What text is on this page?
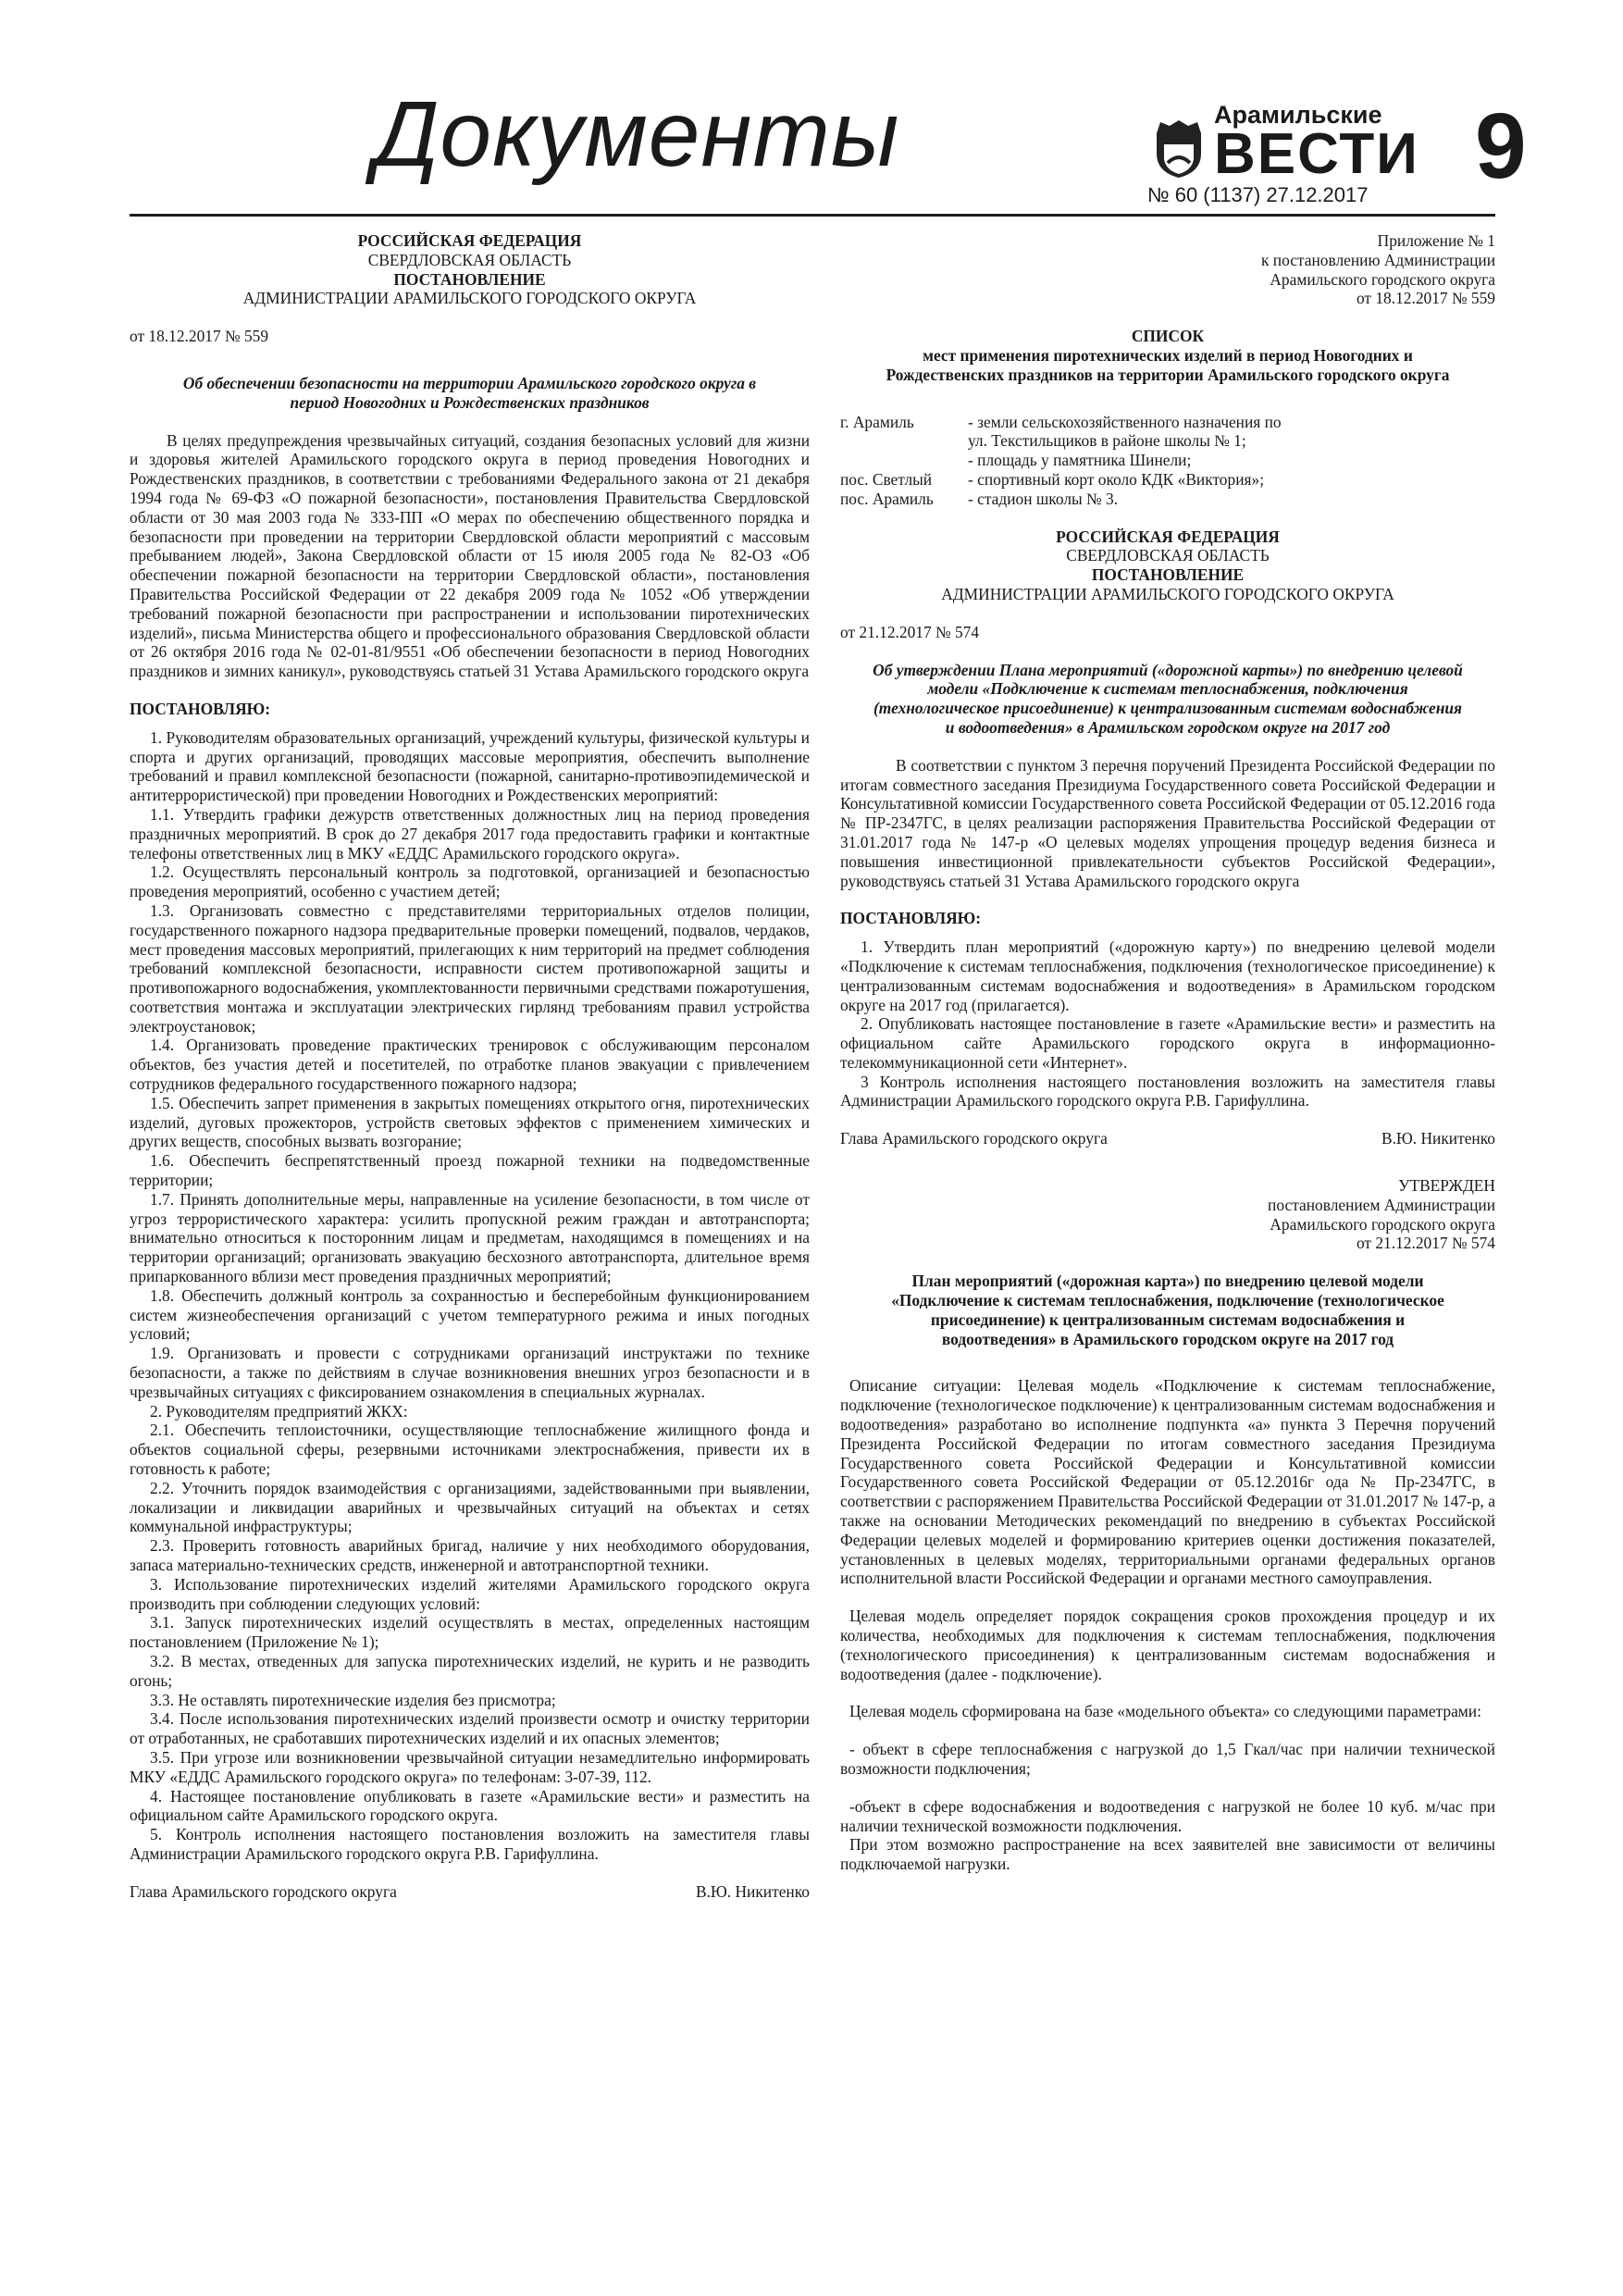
Документы	Арамильские
ВЕСТИ
№ 60 (1137) 27.12.2017 9

РОССИЙСКАЯ ФЕДЕРАЦИЯ

СВЕРДЛОВСКАЯ ОБЛАСТЬ

ПОСТАНОВЛЕНИЕ

АДМИНИСТРАЦИИ АРАМИЛЬСКОГО ГОРОДСКОГО ОКРУГА

от 18.12.2017 № 559

Об обеспечении безопасности на территории Арамильского городского округа в период Новогодних и Рождественских праздников

В целях предупреждения чрезвычайных ситуаций, создания безопасных условий для жизни и здоровья жителей Арамильского городского округа в период проведения Новогодних и Рождественских праздников, в соответствии с требованиями Федерального закона от 21 декабря 1994 года № 69-ФЗ «О пожарной безопасности», постановления Правительства Свердловской области от 30 мая 2003 года № 333-ПП «О мерах по обеспечению общественного порядка и безопасности при проведении на территории Свердловской области мероприятий с массовым пребыванием людей», Закона Свердловской области от 15 июля 2005 года № 82-ОЗ «Об обеспечении пожарной безопасности на территории Свердловской области», постановления Правительства Российской Федерации от 22 декабря 2009 года № 1052 «Об утверждении требований пожарной безопасности при распространении и использовании пиротехнических изделий», письма Министерства общего и профессионального образования Свердловской области от 26 октября 2016 года № 02-01-81/9551 «Об обеспечении безопасности в период Новогодних праздников и зимних каникул», руководствуясь статьей 31 Устава Арамильского городского округа

ПОСТАНОВЛЯЮ:

1. Руководителям образовательных организаций, учреждений культуры, физической культуры и спорта и других организаций, проводящих массовые мероприятия, обеспечить выполнение требований и правил комплексной безопасности (пожарной, санитарно-противоэпидемической и антитеррористической) при проведении Новогодних и Рождественских мероприятий:

1.1. Утвердить графики дежурств ответственных должностных лиц на период проведения праздничных мероприятий. В срок до 27 декабря 2017 года предоставить графики и контактные телефоны ответственных лиц в МКУ «ЕДДС Арамильского городского округа».

1.2. Осуществлять персональный контроль за подготовкой, организацией и безопасностью проведения мероприятий, особенно с участием детей;

1.3. Организовать совместно с представителями территориальных отделов полиции, государственного пожарного надзора предварительные проверки помещений, подвалов, чердаков, мест проведения массовых мероприятий, прилегающих к ним территорий на предмет соблюдения требований комплексной безопасности, исправности систем противопожарной защиты и противопожарного водоснабжения, укомплектованности первичными средствами пожаротушения, соответствия монтажа и эксплуатации электрических гирлянд требованиям правил устройства электроустановок;

1.4. Организовать проведение практических тренировок с обслуживающим персоналом объектов, без участия детей и посетителей, по отработке планов эвакуации с привлечением сотрудников федерального государственного пожарного надзора;

1.5. Обеспечить запрет применения в закрытых помещениях открытого огня, пиротехнических изделий, дуговых прожекторов, устройств световых эффектов с применением химических и других веществ, способных вызвать возгорание;

1.6. Обеспечить беспрепятственный проезд пожарной техники на подведомственные территории;

1.7. Принять дополнительные меры, направленные на усиление безопасности, в том числе от угроз террористического характера: усилить пропускной режим граждан и автотранспорта; внимательно относиться к посторонним лицам и предметам, находящимся в помещениях и на территории организаций; организовать эвакуацию бесхозного автотранспорта, длительное время припаркованного вблизи мест проведения праздничных мероприятий;

1.8. Обеспечить должный контроль за сохранностью и бесперебойным функционированием систем жизнеобеспечения организаций с учетом температурного режима и иных погодных условий;

1.9. Организовать и провести с сотрудниками организаций инструктажи по технике безопасности, а также по действиям в случае возникновения внешних угроз безопасности и в чрезвычайных ситуациях с фиксированием ознакомления в специальных журналах.

2. Руководителям предприятий ЖКХ:

2.1. Обеспечить теплоисточники, осуществляющие теплоснабжение жилищного фонда и объектов социальной сферы, резервными источниками электроснабжения, привести их в готовность к работе;

2.2. Уточнить порядок взаимодействия с организациями, задействованными при выявлении, локализации и ликвидации аварийных и чрезвычайных ситуаций на объектах и сетях коммунальной инфраструктуры;

2.3. Проверить готовность аварийных бригад, наличие у них необходимого оборудования, запаса материально-технических средств, инженерной и автотранспортной техники.

3. Использование пиротехнических изделий жителями Арамильского городского округа производить при соблюдении следующих условий:

3.1. Запуск пиротехнических изделий осуществлять в местах, определенных настоящим постановлением (Приложение № 1);

3.2. В местах, отведенных для запуска пиротехнических изделий, не курить и не разводить огонь;

3.3. Не оставлять пиротехнические изделия без присмотра;

3.4. После использования пиротехнических изделий произвести осмотр и очистку территории от отработанных, не сработавших пиротехнических изделий и их опасных элементов;

3.5. При угрозе или возникновении чрезвычайной ситуации незамедлительно информировать МКУ «ЕДДС Арамильского городского округа» по телефонам: 3-07-39, 112.

4. Настоящее постановление опубликовать в газете «Арамильские вести» и разместить на официальном сайте Арамильского городского округа.

5. Контроль исполнения настоящего постановления возложить на заместителя главы Администрации Арамильского городского округа Р.В. Гарифуллина.

Глава Арамильского городского округа	В.Ю. Никитенко

Приложение № 1

к постановлению Администрации

Арамильского городского округа

от 18.12.2017 № 559

СПИСОК

мест применения пиротехнических изделий в период Новогодних и Рождественских праздников на территории Арамильского городского округа

г. Арамиль	- земли сельскохозяйственного назначения по
ул. Текстильщиков в районе школы № 1;
- площадь у памятника Шинели;
пос. Светлый	- спортивный корт около КДК «Виктория»;
пос. Арамиль	- стадион школы № 3.

РОССИЙСКАЯ ФЕДЕРАЦИЯ

СВЕРДЛОВСКАЯ ОБЛАСТЬ

ПОСТАНОВЛЕНИЕ

АДМИНИСТРАЦИИ АРАМИЛЬСКОГО ГОРОДСКОГО ОКРУГА

от 21.12.2017 № 574

Об утверждении Плана мероприятий («дорожной карты») по внедрению целевой модели «Подключение к системам теплоснабжения, подключения (технологическое присоединение) к централизованным системам водоснабжения и водоотведения» в Арамильском городском округе на 2017 год

В соответствии с пунктом 3 перечня поручений Президента Российской Федерации по итогам совместного заседания Президиума Государственного совета Российской Федерации и Консультативной комиссии Государственного совета Российской Федерации от 05.12.2016 года № ПР-2347ГС, в целях реализации распоряжения Правительства Российской Федерации от 31.01.2017 года № 147-р «О целевых моделях упрощения процедур ведения бизнеса и повышения инвестиционной привлекательности субъектов Российской Федерации», руководствуясь статьей 31 Устава Арамильского городского округа

ПОСТАНОВЛЯЮ:

1. Утвердить план мероприятий («дорожную карту») по внедрению целевой модели «Подключение к системам теплоснабжения, подключения (технологическое присоединение) к централизованным системам водоснабжения и водоотведения» в Арамильском городском округе на 2017 год (прилагается).

2. Опубликовать настоящее постановление в газете «Арамильские вести» и разместить на официальном сайте Арамильского городского округа в информационно-телекоммуникационной сети «Интернет».

3 Контроль исполнения настоящего постановления возложить на заместителя главы Администрации Арамильского городского округа Р.В. Гарифуллина.

Глава Арамильского городского округа	В.Ю. Никитенко

УТВЕРЖДЕН

постановлением Администрации

Арамильского городского округа

от 21.12.2017 № 574

План мероприятий («дорожная карта») по внедрению целевой модели «Подключение к системам теплоснабжения, подключение (технологическое присоединение) к централизованным системам водоснабжения и водоотведения» в Арамильского городском округе на 2017 год

Описание ситуации: Целевая модель «Подключение к системам теплоснабжение, подключение (технологическое подключение) к централизованным системам водоснабжения и водоотведения» разработано во исполнение подпункта «а» пункта 3 Перечня поручений Президента Российской Федерации по итогам совместного заседания Президиума Государственного совета Российской Федерации и Консультативной комиссии Государственного совета Российской Федерации от 05.12.2016г ода № Пр-2347ГС, в соответствии с распоряжением Правительства Российской Федерации от 31.01.2017 № 147-р, а также на основании Методических рекомендаций по внедрению в субъектах Российской Федерации целевых моделей и формированию критериев оценки достижения показателей, установленных в целевых моделях, территориальными органами федеральных органов исполнительной власти Российской Федерации и органами местного самоуправления.

Целевая модель определяет порядок сокращения сроков прохождения процедур и их количества, необходимых для подключения к системам теплоснабжения, подключения (технологического присоединения) к централизованным системам водоснабжения и водоотведения (далее - подключение).

Целевая модель сформирована на базе «модельного объекта» со следующими параметрами:

- объект в сфере теплоснабжения с нагрузкой до 1,5 Гкал/час при наличии технической возможности подключения;

-объект в сфере водоснабжения и водоотведения с нагрузкой не более 10 куб. м/час при наличии технической возможности подключения.

При этом возможно распространение на всех заявителей вне зависимости от величины подключаемой нагрузки.
